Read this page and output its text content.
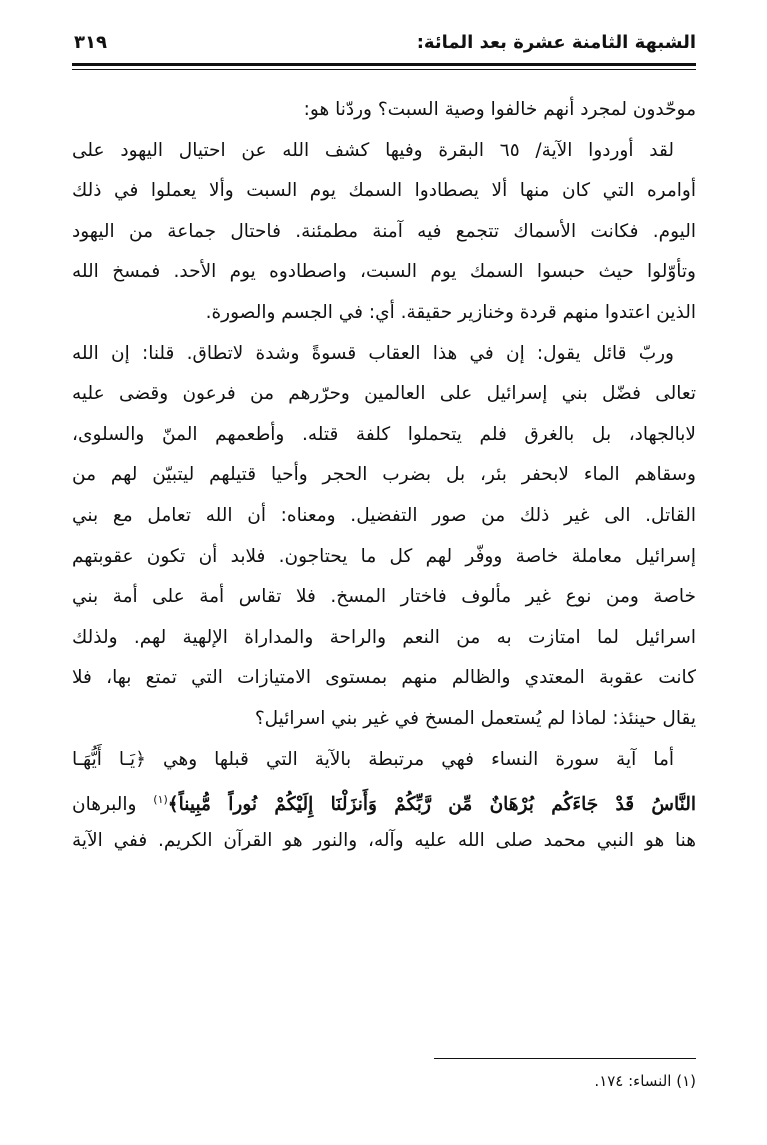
الشبهة الثامنة عشرة بعد المائة:
٣١٩
موحّدون لمجرد أنهم خالفوا وصية السبت؟ وردّنا هو:
لقد أوردوا الآية/ ٦٥ البقرة وفيها كشف الله عن احتيال اليهود على
أوامره التي كان منها ألا يصطادوا السمك يوم السبت وألا يعملوا في ذلك
اليوم. فكانت الأسماك تتجمع فيه آمنة مطمئنة. فاحتال جماعة من اليهود
وتأوّلوا حيث حبسوا السمك يوم السبت، واصطادوه يوم الأحد. فمسخ الله
الذين اعتدوا منهم قردة وخنازير حقيقة. أي: في الجسم والصورة.
وربّ قائل يقول: إن في هذا العقاب قسوةً وشدة لاتطاق. قلنا: إن الله
تعالى فضّل بني إسرائيل على العالمين وحرّرهم من فرعون وقضى عليه
لابالجهاد، بل بالغرق فلم يتحملوا كلفة قتله. وأطعمهم المنّ والسلوى،
وسقاهم الماء لابحفر بئر، بل بضرب الحجر وأحيا قتيلهم ليتبيّن لهم من
القاتل. الى غير ذلك من صور التفضيل. ومعناه: أن الله تعامل مع بني
إسرائيل معاملة خاصة ووفّر لهم كل ما يحتاجون. فلابد أن تكون عقوبتهم
خاصة ومن نوع غير مألوف فاختار المسخ. فلا تقاس أمة على أمة بني
اسرائيل لما امتازت به من النعم والراحة والمداراة الإلهية لهم. ولذلك
كانت عقوبة المعتدي والظالم منهم بمستوى الامتيازات التي تمتع بها، فلا
يقال حينئذ: لماذا لم يُستعمل المسخ في غير بني اسرائيل؟
أما آية سورة النساء فهي مرتبطة بالآية التي قبلها وهي ﴿يَـا أَيُّهَـا
النَّاسُ قَدْ جَاءَكُم بُرْهَانٌ مِّن رَّبِّكُمْ وَأَنزَلْنَا إِلَيْكُمْ نُوراً مُّبِيناً﴾$^{(١)}$ والبرهان
هنا هو النبي محمد صلى الله عليه وآله، والنور هو القرآن الكريم. ففي الآية
(١) النساء: ١٧٤.
